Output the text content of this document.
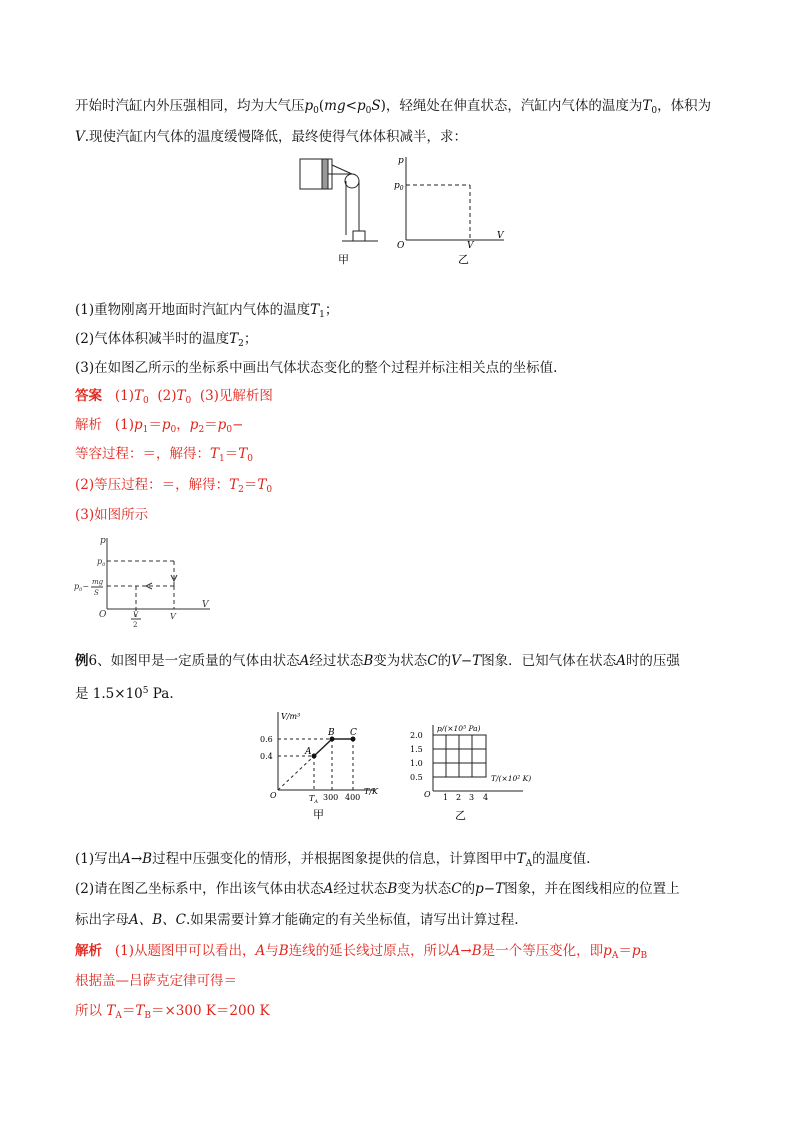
开始时汽缸内外压强相同，均为大气压$p_0(mg<p_0S)$，轻绳处在伸直状态，汽缸内气体的温度为$T_0$，体积为
V.现使汽缸内气体的温度缓慢降低，最终使得气体体积减半，求：
甲
p
$p_0$
O	V
V
乙
(1)重物刚离开地面时汽缸内气体的温度$T_1$；
(2)气体体积减半时的温度$T_2$；
(3)在如图乙所示的坐标系中画出气体状态变化的整个过程并标注相关点的坐标值.
答案 $(1)T_0$ $(2)T_0$ (3)见解析图
解析 $(1)p_1=p_0$，$p_2=p_0-$
等容过程：＝，解得：$T_1=T_0$
(2)等压过程：＝，解得：$T_2=T_0$
(3)如图所示
p
$p_0$
$p_0-$ mg
S
O
V
V
2
V
例6、如图甲是一定质量的气体由状态A经过状态B变为状态C的V−T图象．已知气体在状态A时的压强
是 $1.5\times 10^5$ Pa.
V/m³
0.6
0.4	A
B C
O	$T_A$ 300 400
T/K
甲
p/(×10⁵ Pa)
2.0
1.5
1.0
0.5
O 1 2 3 4
T/(×10² K)
乙
(1)写出A→B过程中压强变化的情形，并根据图象提供的信息，计算图甲中$T_A$的温度值.
(2)请在图乙坐标系中，作出该气体由状态A经过状态B变为状态C的p−T图象，并在图线相应的位置上
标出字母A、B、C.如果需要计算才能确定的有关坐标值，请写出计算过程.
解析 (1)从题图甲可以看出，A与B连线的延长线过原点，所以A→B是一个等压变化，即$p_A=p_B$
根据盖—吕萨克定律可得＝
所以 $T_A=T_B=\times 300$ K＝200 K
